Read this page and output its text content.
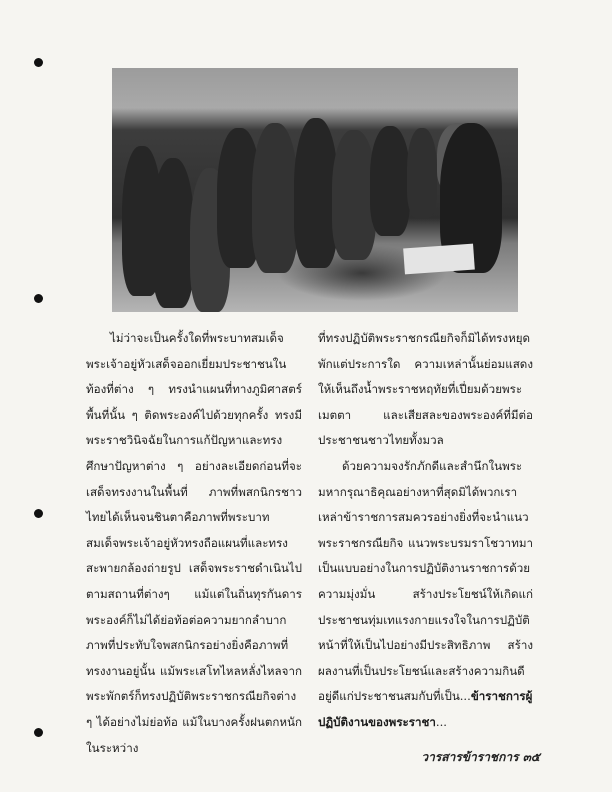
ไม่ว่าจะเป็นครั้งใดที่พระบาทสมเด็จพระเจ้าอยู่หัวเสด็จออกเยี่ยมประชาชนในท้องที่ต่าง ๆ ทรงนำแผนที่ทางภูมิศาสตร์พื้นที่นั้น ๆ ติดพระองค์ไปด้วยทุกครั้ง ทรงมีพระราชวินิจฉัยในการแก้ปัญหาและทรงศึกษาปัญหาต่าง ๆ อย่างละเอียดก่อนที่จะเสด็จทรงงานในพื้นที่ ภาพที่พสกนิกรชาวไทยได้เห็นจนชินตาคือภาพที่พระบาทสมเด็จพระเจ้าอยู่หัวทรงถือแผนที่และทรงสะพายกล้องถ่ายรูป เสด็จพระราชดำเนินไปตามสถานที่ต่างๆ แม้แต่ในถิ่นทุรกันดาร พระองค์ก็ไม่ได้ย่อท้อต่อความยากลำบาก ภาพที่ประทับใจพสกนิกรอย่างยิ่งคือภาพที่ทรงงานอยู่นั้น แม้พระเสโทไหลหลั่งไหลจากพระพักตร์ก็ทรงปฏิบัติพระราชกรณียกิจต่าง ๆ ได้อย่างไม่ย่อท้อ แม้ในบางครั้งฝนตกหนักในระหว่าง

ที่ทรงปฏิบัติพระราชกรณียกิจก็มิได้ทรงหยุดพักแต่ประการใด ความเหล่านั้นย่อมแสดงให้เห็นถึงน้ำพระราชหฤทัยที่เปี่ยมด้วยพระเมตตา และเสียสละของพระองค์ที่มีต่อประชาชนชาวไทยทั้งมวล

ด้วยความจงรักภักดีและสำนึกในพระมหากรุณาธิคุณอย่างหาที่สุดมิได้พวกเราเหล่าข้าราชการสมควรอย่างยิ่งที่จะนำแนวพระราชกรณียกิจ แนวพระบรมราโชวาทมาเป็นแบบอย่างในการปฏิบัติงานราชการด้วยความมุ่งมั่น สร้างประโยชน์ให้เกิดแก่ประชาชนทุ่มเทแรงกายแรงใจในการปฏิบัติหน้าที่ให้เป็นไปอย่างมีประสิทธิภาพ สร้างผลงานที่เป็นประโยชน์และสร้างความกินดีอยู่ดีแก่ประชาชนสมกับที่เป็น...ข้าราชการผู้ปฏิบัติงานของพระราชา...

วารสารข้าราชการ ๓๕
